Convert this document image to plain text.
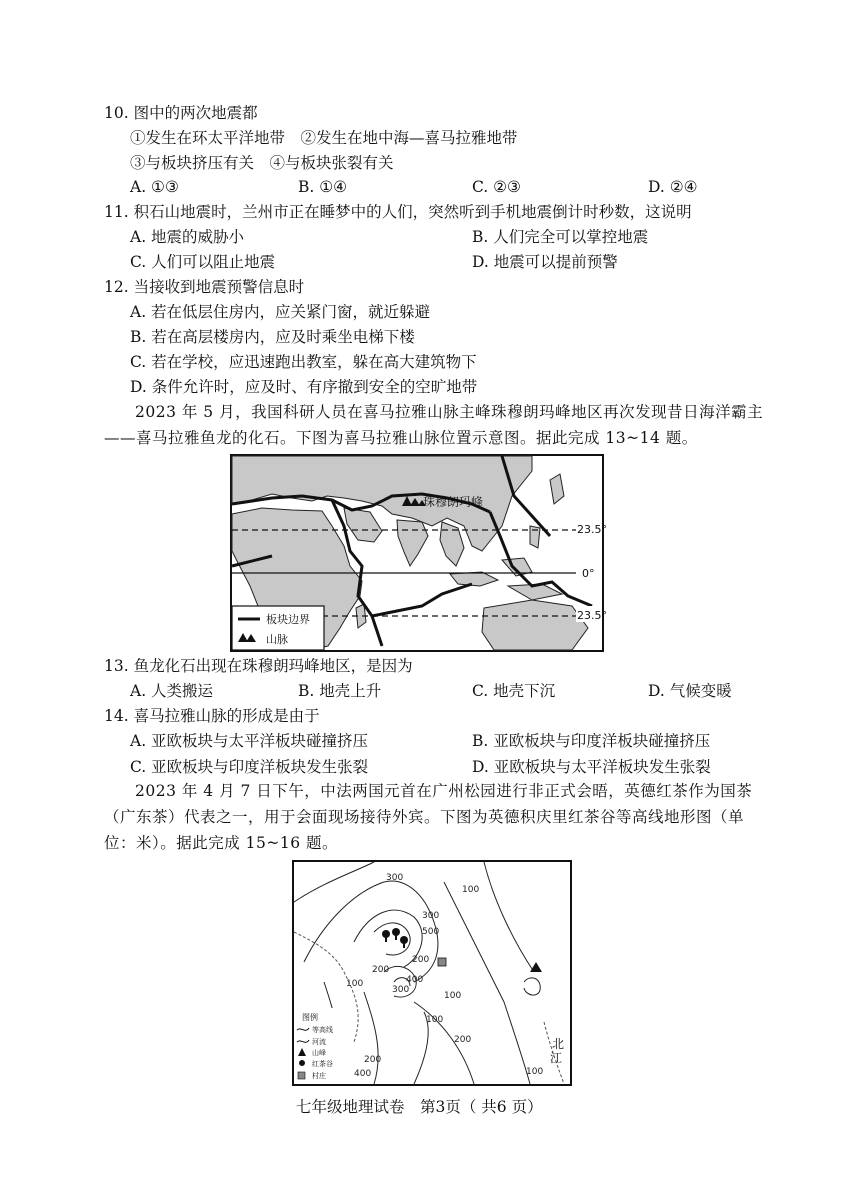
10. 图中的两次地震都
①发生在环太平洋地带　②发生在地中海—喜马拉雅地带
③与板块挤压有关　④与板块张裂有关
A. ①③	B. ①④	C. ②③	D. ②④
11. 积石山地震时，兰州市正在睡梦中的人们，突然听到手机地震倒计时秒数，这说明
A. 地震的威胁小	B. 人们完全可以掌控地震
C. 人们可以阻止地震	D. 地震可以提前预警
12. 当接收到地震预警信息时
A. 若在低层住房内，应关紧门窗，就近躲避
B. 若在高层楼房内，应及时乘坐电梯下楼
C. 若在学校，应迅速跑出教室，躲在高大建筑物下
D. 条件允许时，应及时、有序撤到安全的空旷地带
2023 年 5 月，我国科研人员在喜马拉雅山脉主峰珠穆朗玛峰地区再次发现昔日海洋霸主——喜马拉雅鱼龙的化石。下图为喜马拉雅山脉位置示意图。据此完成 13~14 题。
珠穆朗玛峰
23.5°
0°
23.5°
板块边界
山脉
13. 鱼龙化石出现在珠穆朗玛峰地区，是因为
A. 人类搬运	B. 地壳上升	C. 地壳下沉	D. 气候变暖
14. 喜马拉雅山脉的形成是由于
A. 亚欧板块与太平洋板块碰撞挤压	B. 亚欧板块与印度洋板块碰撞挤压
C. 亚欧板块与印度洋板块发生张裂	D. 亚欧板块与太平洋板块发生张裂
2023 年 4 月 7 日下午，中法两国元首在广州松园进行非正式会晤，英德红茶作为国茶（广东茶）代表之一，用于会面现场接待外宾。下图为英德积庆里红茶谷等高线地形图（单位：米）。据此完成 15~16 题。
300
100
300
500
200
400
300
200
100
100
200
100
200
400	100
北
江
图例
等高线
河流
山峰
红茶谷
村庄
七年级地理试卷　第3页（ 共6 页）
